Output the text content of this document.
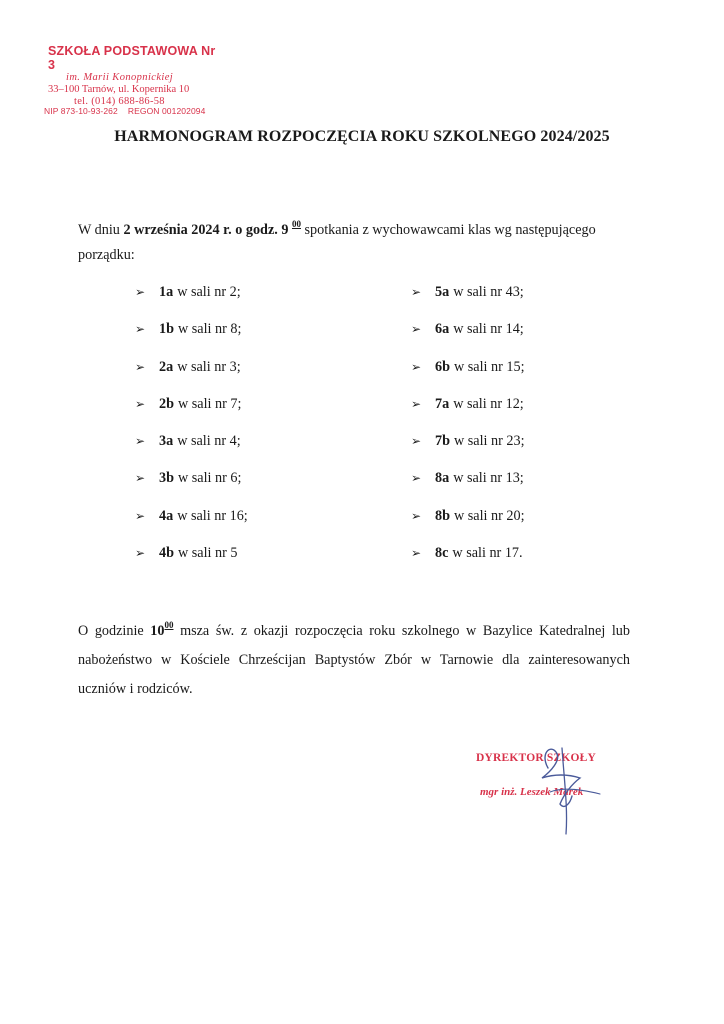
SZKOŁA PODSTAWOWA Nr 3
im. Marii Konopnickiej
33–100 Tarnów, ul. Kopernika 10
tel. (014) 688-86-58
NIP 873-10-93-262 REGON 001202094
HARMONOGRAM ROZPOCZĘCIA ROKU SZKOLNEGO 2024/2025
W dniu 2 września 2024 r. o godz. 9 $^{00}$ spotkania z wychowawcami klas wg następującego porządku:
➢ 1a w sali nr 2;
➢ 1b w sali nr 8;
➢ 2a w sali nr 3;
➢ 2b w sali nr 7;
➢ 3a w sali nr 4;
➢ 3b w sali nr 6;
➢ 4a w sali nr 16;
➢ 4b w sali nr 5
➢ 5a w sali nr 43;
➢ 6a w sali nr 14;
➢ 6b w sali nr 15;
➢ 7a w sali nr 12;
➢ 7b w sali nr 23;
➢ 8a w sali nr 13;
➢ 8b w sali nr 20;
➢ 8c w sali nr 17.
O godzinie $10^{00}$ msza św. z okazji rozpoczęcia roku szkolnego w Bazylice Katedralnej lub
nabożeństwo w Kościele Chrześcijan Baptystów Zbór w Tarnowie dla zainteresowanych
uczniów i rodziców.
DYREKTOR SZKOŁY
mgr inż. Leszek Marek
